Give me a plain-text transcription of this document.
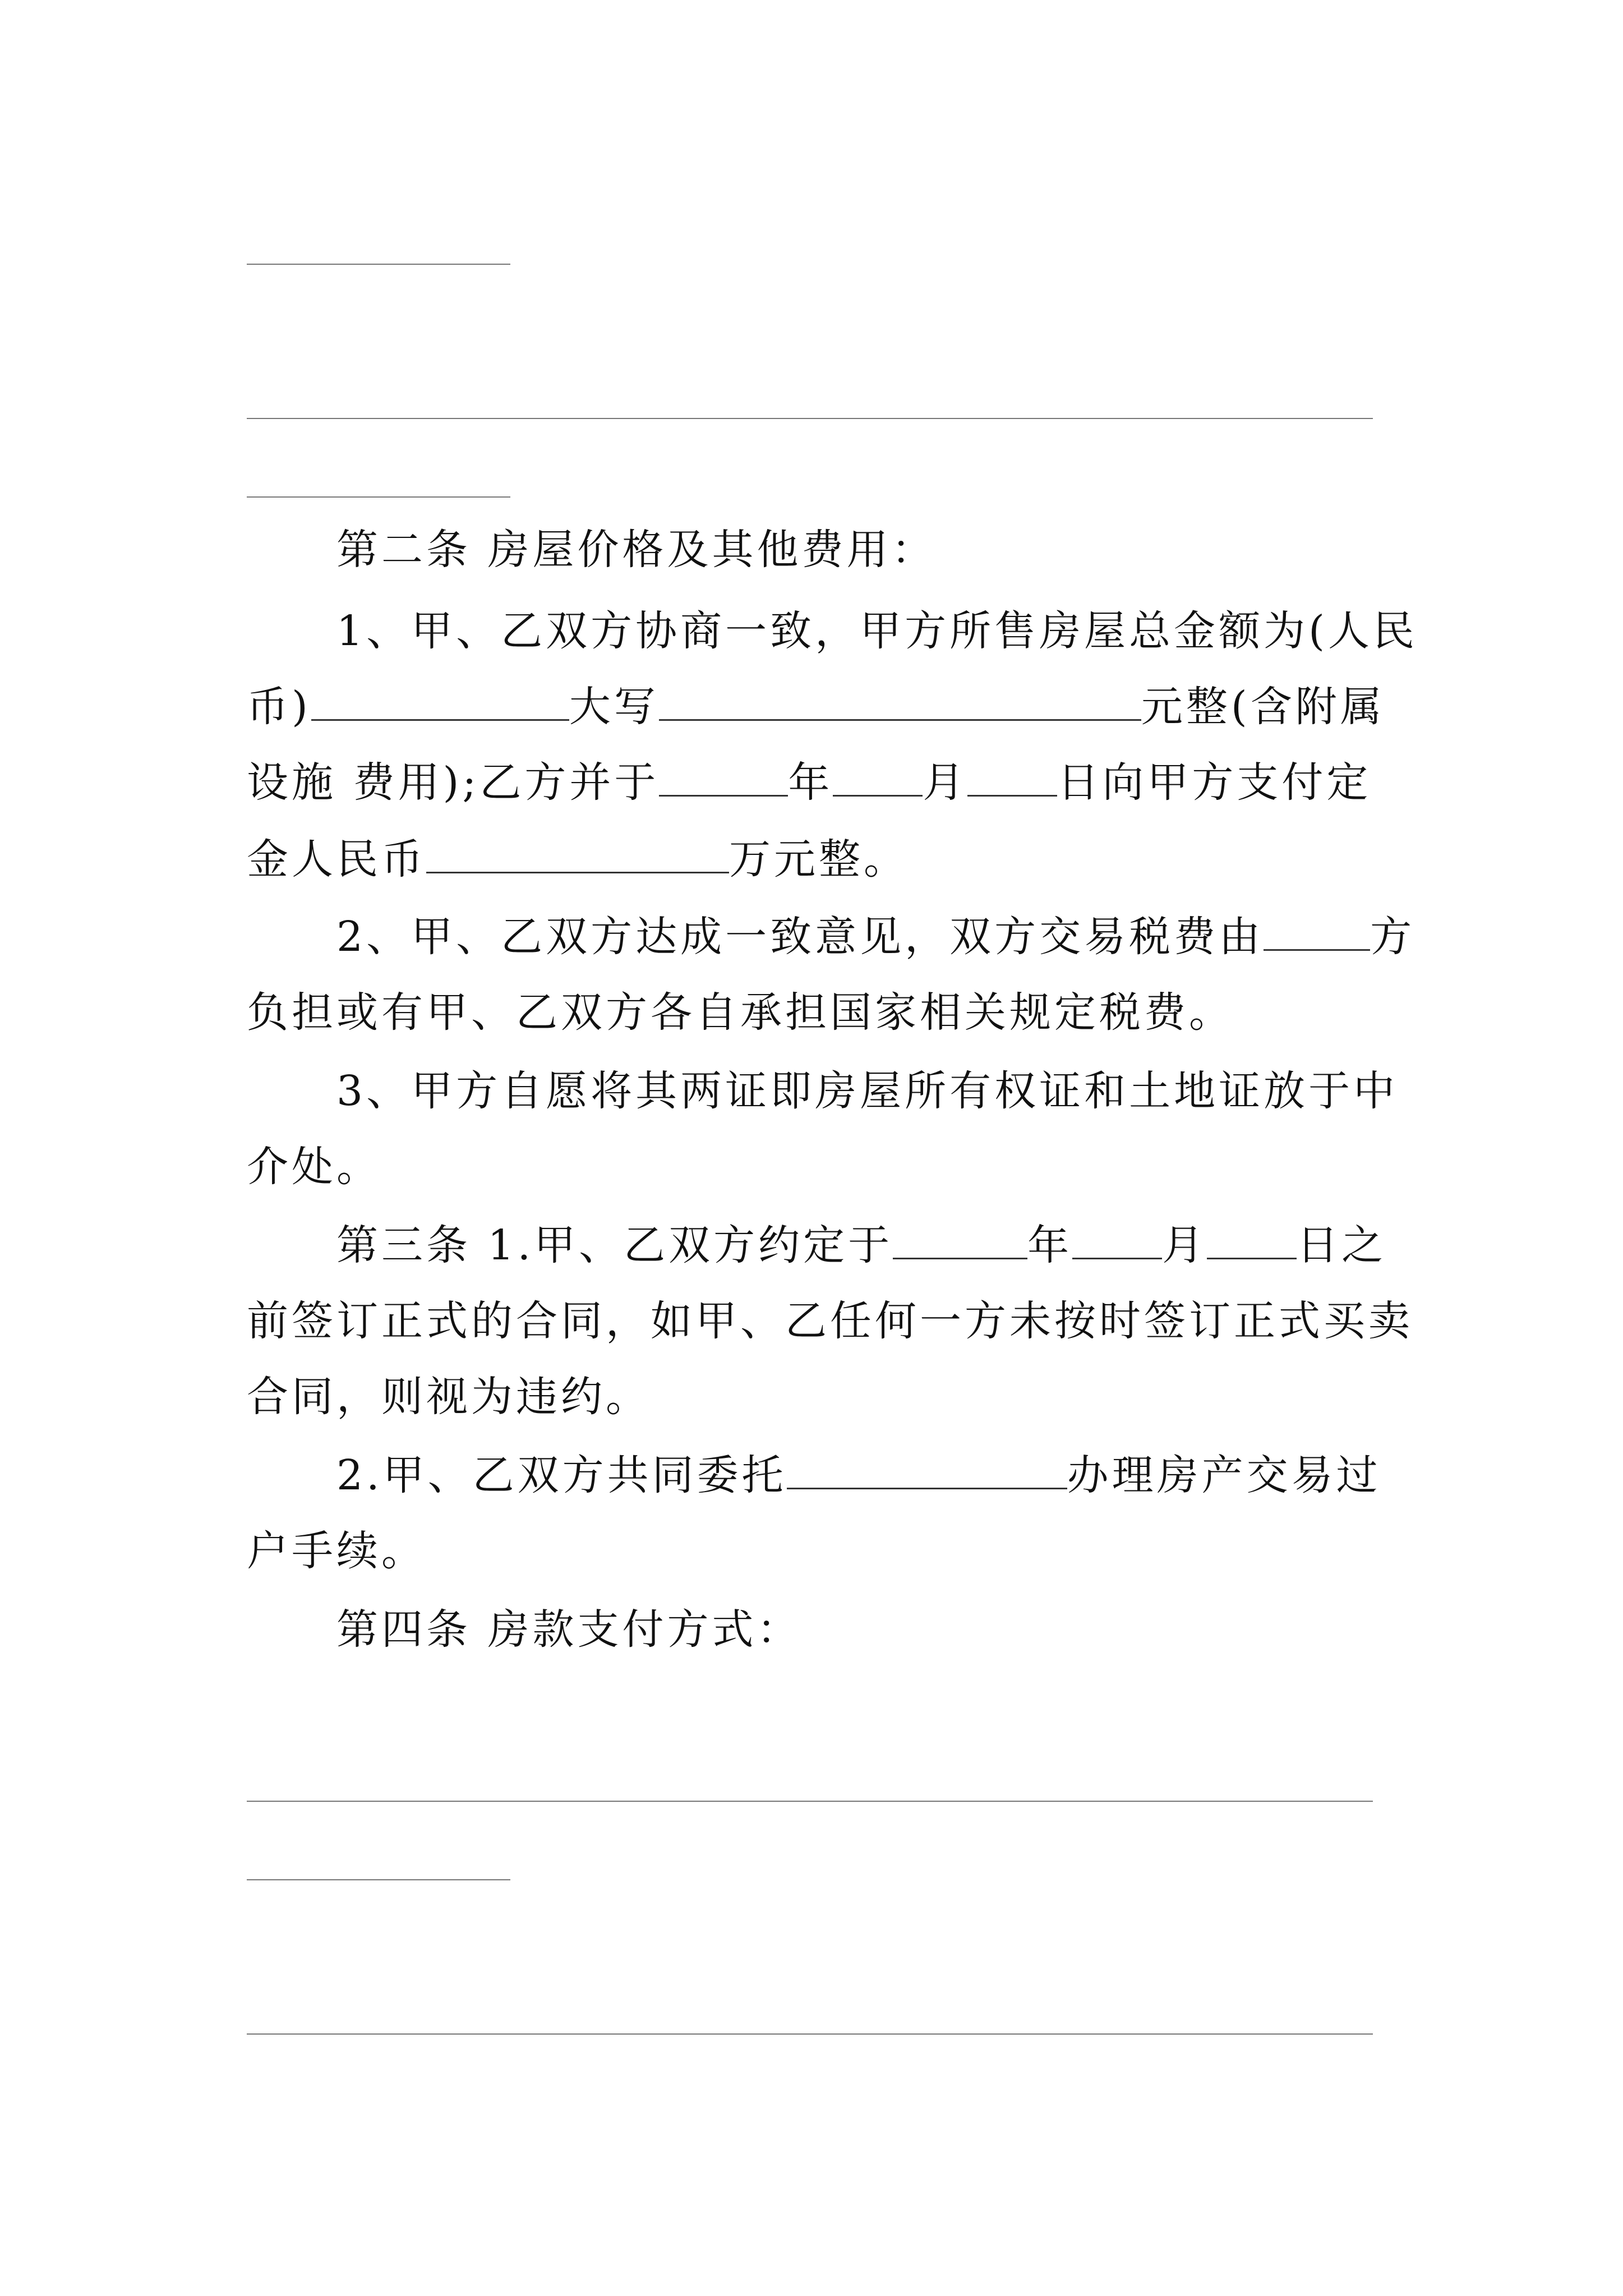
第二条 房屋价格及其他费用：
1、甲、乙双方协商一致，甲方所售房屋总金额为(人民
币)	大写	元整(含附属
设施 费用);乙方并于	年 月 日向甲方支付定
金人民币	万元整。
2、甲、乙双方达成一致意见，双方交易税费由	方
负担或有甲、乙双方各自承担国家相关规定税费。
3、甲方自愿将其两证即房屋所有权证和土地证放于中
介处。
第三条 1.甲、乙双方约定于	年 月 日之
前签订正式的合同，如甲、乙任何一方未按时签订正式买卖
合同，则视为违约。
2.甲、乙双方共同委托	办理房产交易过
户手续。
第四条 房款支付方式：
